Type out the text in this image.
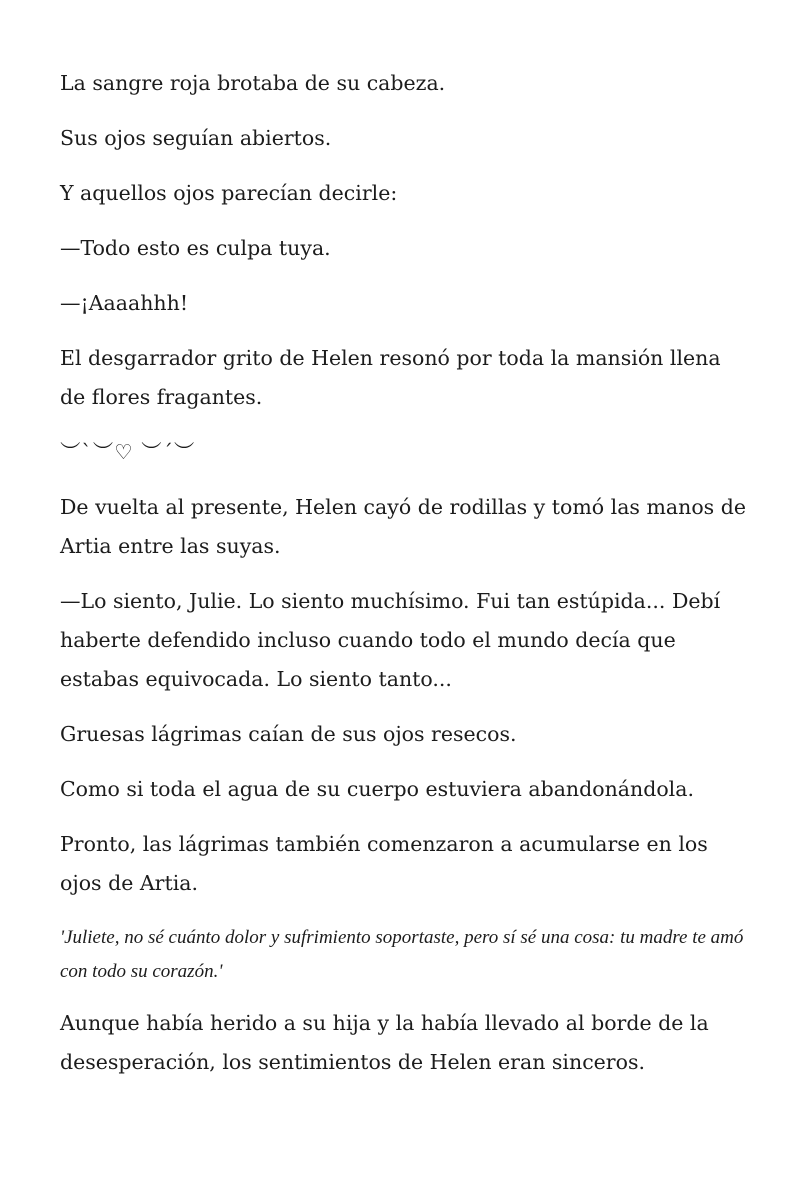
La sangre roja brotaba de su cabeza.

Sus ojos seguían abiertos.

Y aquellos ojos parecían decirle:

—Todo esto es culpa tuya.

—¡Aaaahhh!

El desgarrador grito de Helen resonó por toda la mansión llena de flores fragantes.

︶`︶♡ ︶´︶

De vuelta al presente, Helen cayó de rodillas y tomó las manos de Artia entre las suyas.

—Lo siento, Julie. Lo siento muchísimo. Fui tan estúpida... Debí haberte defendido incluso cuando todo el mundo decía que estabas equivocada. Lo siento tanto...

Gruesas lágrimas caían de sus ojos resecos.

Como si toda el agua de su cuerpo estuviera abandonándola.

Pronto, las lágrimas también comenzaron a acumularse en los ojos de Artia.

'Juliete, no sé cuánto dolor y sufrimiento soportaste, pero sí sé una cosa: tu madre te amó con todo su corazón.'

Aunque había herido a su hija y la había llevado al borde de la desesperación, los sentimientos de Helen eran sinceros.
